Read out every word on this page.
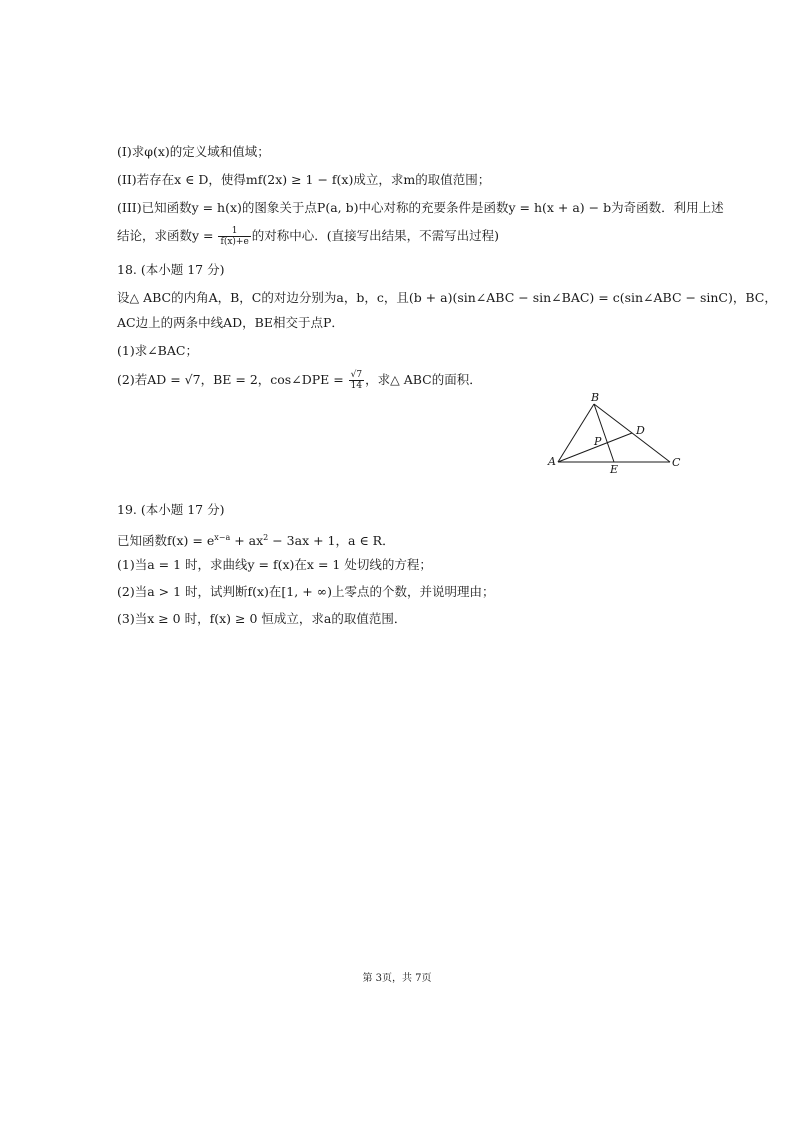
(I)求φ(x)的定义域和值域；
(II)若存在x ∈ D，使得mf(2x) ≥ 1 − f(x)成立，求m的取值范围；
(III)已知函数y = h(x)的图象关于点P(a, b)中心对称的充要条件是函数y = h(x + a) − b为奇函数．利用上述
结论，求函数$y = \frac{1}{f(x)+e}$ 的对称中心．(直接写出结果，不需写出过程)
18. (本小题 17 分)
设△ ABC的内角A，B，C的对边分别为a，b，c，且(b + a)(sin∠ABC − sin∠BAC) = c(sin∠ABC − sinC)，BC，
AC边上的两条中线AD，BE相交于点P．
(1)求∠BAC；
(2)若AD = √7，BE = 2，cos∠DPE = $\frac{√7}{14}$ ，求△ ABC的面积．
B
A	C
D
E
P
19. (本小题 17 分)
已知函数$f(x) = e^{x-a} + ax^2 - 3ax + 1$，a ∈ R．
(1)当a = 1 时，求曲线y = f(x)在x = 1 处切线的方程；
(2)当a > 1 时，试判断f(x)在[1, + ∞)上零点的个数，并说明理由；
(3)当x ≥ 0 时，f(x) ≥ 0 恒成立，求a的取值范围．
第 3页，共 7页
